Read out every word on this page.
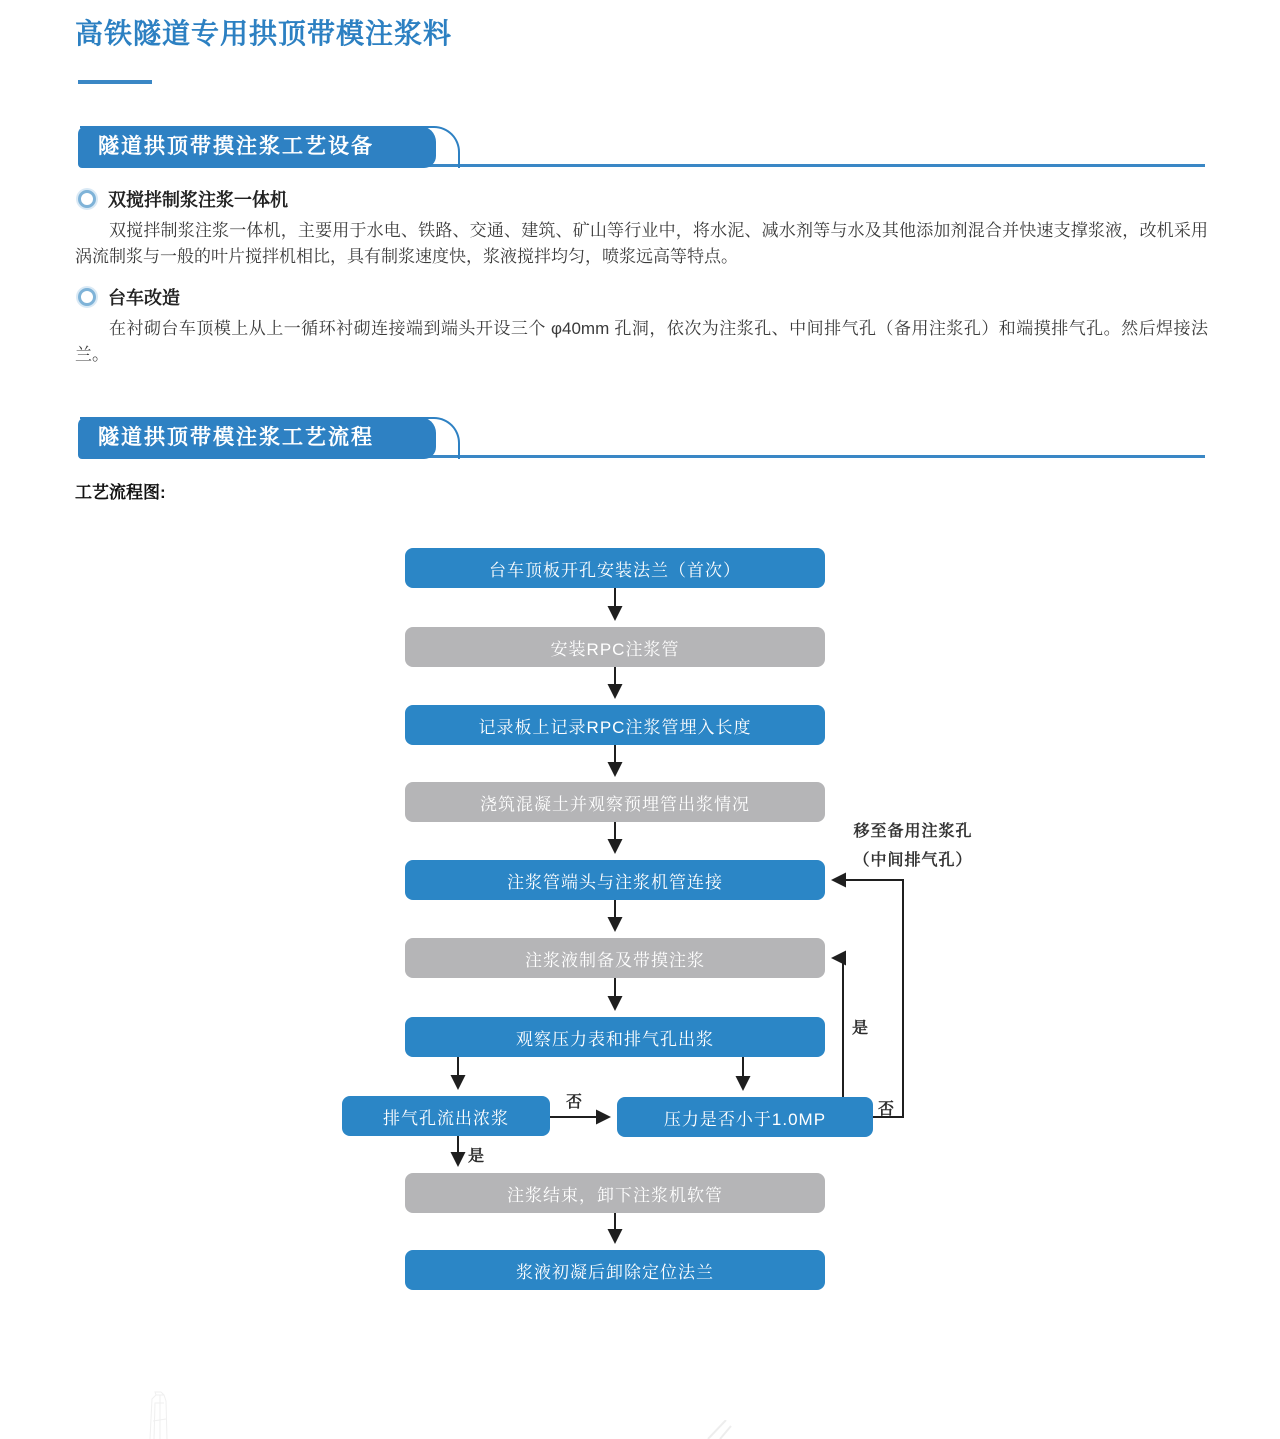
高铁隧道专用拱顶带模注浆料
隧道拱顶带摸注浆工艺设备
双搅拌制浆注浆一体机
双搅拌制浆注浆一体机，主要用于水电、铁路、交通、建筑、矿山等行业中，将水泥、减水剂等与水及其他添加剂混合并快速支撑浆液，改机采用涡流制浆与一般的叶片搅拌机相比，具有制浆速度快，浆液搅拌均匀，喷浆远高等特点。
台车改造
在衬砌台车顶模上从上一循环衬砌连接端到端头开设三个 φ40mm 孔洞，依次为注浆孔、中间排气孔（备用注浆孔）和端摸排气孔。然后焊接法兰。
隧道拱顶带模注浆工艺流程
工艺流程图:
台车顶板开孔安装法兰（首次）
安装RPC注浆管
记录板上记录RPC注浆管埋入长度
浇筑混凝土并观察预埋管出浆情况
注浆管端头与注浆机管连接
注浆液制备及带摸注浆
观察压力表和排气孔出浆
排气孔流出浓浆	压力是否小于1.0MP
注浆结束，卸下注浆机软管
浆液初凝后卸除定位法兰
否
是
是
否
移至备用注浆孔
（中间排气孔）
